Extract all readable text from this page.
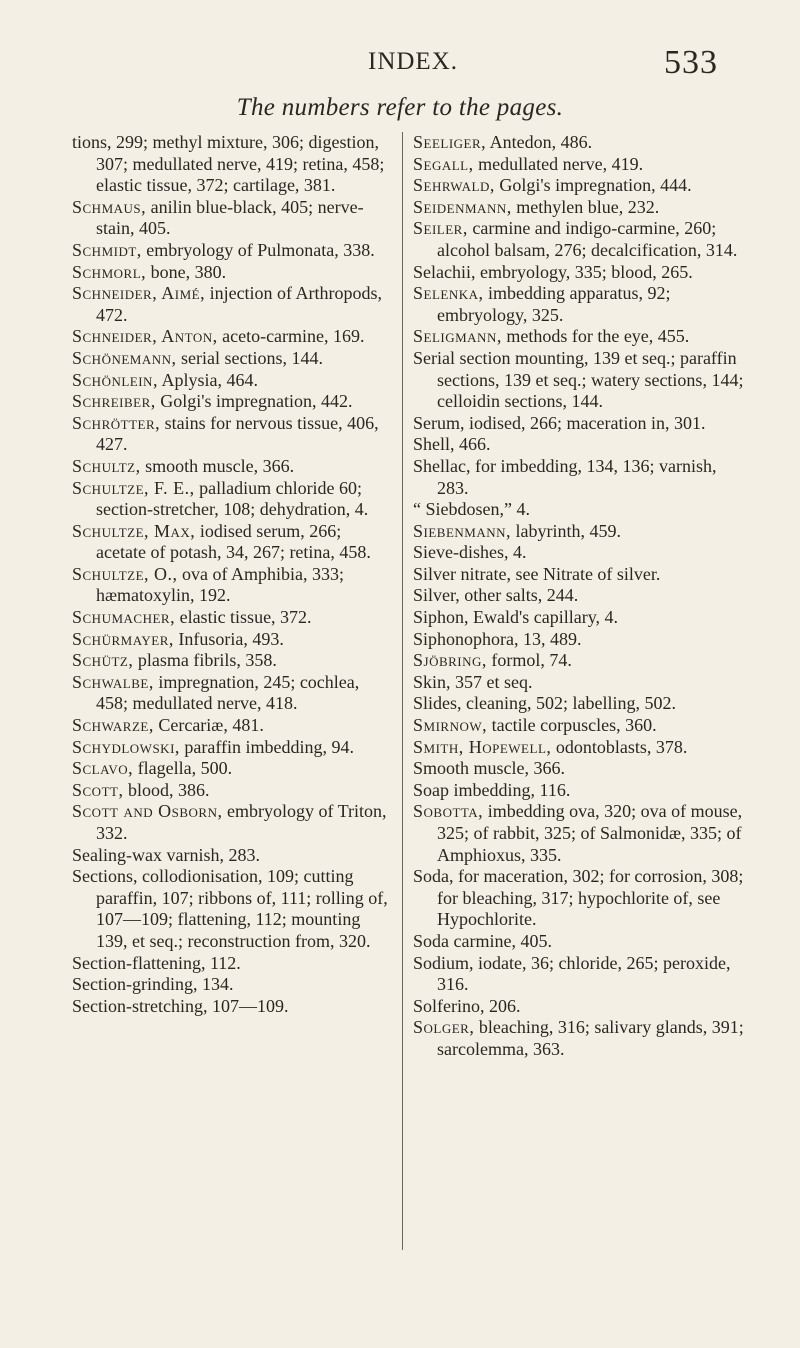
INDEX.	533
The numbers refer to the pages.

tions, 299; methyl mixture, 306; digestion, 307; medullated nerve, 419; retina, 458; elastic tissue, 372; cartilage, 381.

Schmaus, anilin blue-black, 405; nerve-stain, 405.

Schmidt, embryology of Pulmonata, 338.

Schmorl, bone, 380.

Schneider, Aimé, injection of Arthropods, 472.

Schneider, Anton, aceto-carmine, 169.

Schönemann, serial sections, 144.

Schönlein, Aplysia, 464.

Schreiber, Golgi's impregnation, 442.

Schrötter, stains for nervous tissue, 406, 427.

Schultz, smooth muscle, 366.

Schultze, F. E., palladium chloride 60; section-stretcher, 108; dehydration, 4.

Schultze, Max, iodised serum, 266; acetate of potash, 34, 267; retina, 458.

Schultze, O., ova of Amphibia, 333; hæmatoxylin, 192.

Schumacher, elastic tissue, 372.

Schürmayer, Infusoria, 493.

Schütz, plasma fibrils, 358.

Schwalbe, impregnation, 245; cochlea, 458; medullated nerve, 418.

Schwarze, Cercariæ, 481.

Schydlowski, paraffin imbedding, 94.

Sclavo, flagella, 500.

Scott, blood, 386.

Scott and Osborn, embryology of Triton, 332.

Sealing-wax varnish, 283.

Sections, collodionisation, 109; cutting paraffin, 107; ribbons of, 111; rolling of, 107—109; flattening, 112; mounting 139, et seq.; reconstruction from, 320.

Section-flattening, 112.

Section-grinding, 134.

Section-stretching, 107—109.

Seeliger, Antedon, 486.

Segall, medullated nerve, 419.

Sehrwald, Golgi's impregnation, 444.

Seidenmann, methylen blue, 232.

Seiler, carmine and indigo-carmine, 260; alcohol balsam, 276; decalcification, 314.

Selachii, embryology, 335; blood, 265.

Selenka, imbedding apparatus, 92; embryology, 325.

Seligmann, methods for the eye, 455.

Serial section mounting, 139 et seq.; paraffin sections, 139 et seq.; watery sections, 144; celloidin sections, 144.

Serum, iodised, 266; maceration in, 301.

Shell, 466.

Shellac, for imbedding, 134, 136; varnish, 283.

“ Siebdosen,” 4.

Siebenmann, labyrinth, 459.

Sieve-dishes, 4.

Silver nitrate, see Nitrate of silver.

Silver, other salts, 244.

Siphon, Ewald's capillary, 4.

Siphonophora, 13, 489.

Sjöbring, formol, 74.

Skin, 357 et seq.

Slides, cleaning, 502; labelling, 502.

Smirnow, tactile corpuscles, 360.

Smith, Hopewell, odontoblasts, 378.

Smooth muscle, 366.

Soap imbedding, 116.

Sobotta, imbedding ova, 320; ova of mouse, 325; of rabbit, 325; of Salmonidæ, 335; of Amphioxus, 335.

Soda, for maceration, 302; for corrosion, 308; for bleaching, 317; hypochlorite of, see Hypochlorite.

Soda carmine, 405.

Sodium, iodate, 36; chloride, 265; peroxide, 316.

Solferino, 206.

Solger, bleaching, 316; salivary glands, 391; sarcolemma, 363.
